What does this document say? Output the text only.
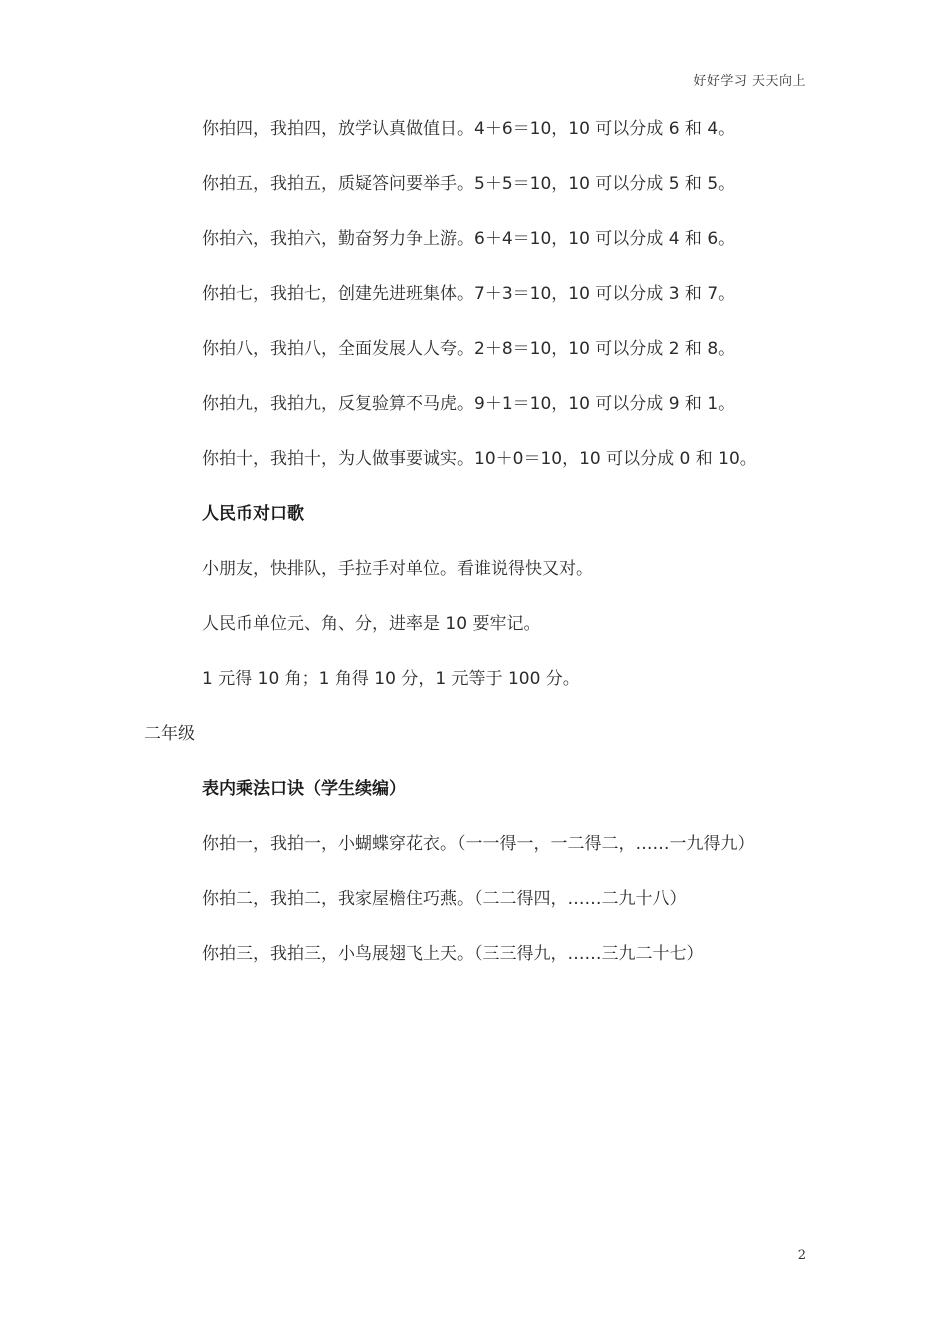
好好学习 天天向上

你拍四，我拍四，放学认真做值日。4＋6＝10，10 可以分成 6 和 4。

你拍五，我拍五，质疑答问要举手。5＋5＝10，10 可以分成 5 和 5。

你拍六，我拍六，勤奋努力争上游。6＋4＝10，10 可以分成 4 和 6。

你拍七，我拍七，创建先进班集体。7＋3＝10，10 可以分成 3 和 7。

你拍八，我拍八，全面发展人人夸。2＋8＝10，10 可以分成 2 和 8。

你拍九，我拍九，反复验算不马虎。9＋1＝10，10 可以分成 9 和 1。

你拍十，我拍十，为人做事要诚实。10＋0＝10，10 可以分成 0 和 10。

人民币对口歌

小朋友，快排队，手拉手对单位。看谁说得快又对。

人民币单位元、角、分，进率是 10 要牢记。

1 元得 10 角；1 角得 10 分，1 元等于 100 分。

二年级

表内乘法口诀（学生续编）

你拍一，我拍一，小蝴蝶穿花衣。（一一得一，一二得二，……一九得九）

你拍二，我拍二，我家屋檐住巧燕。（二二得四，……二九十八）

你拍三，我拍三，小鸟展翅飞上天。（三三得九，……三九二十七）

2
